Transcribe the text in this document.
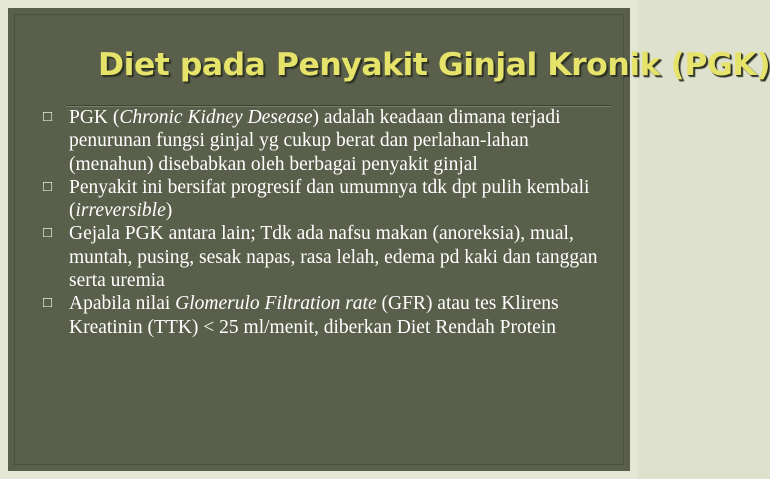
Diet pada Penyakit Ginjal Kronik (PGK)
□ PGK (Chronic Kidney Desease) adalah keadaan dimana terjadi penurunan fungsi ginjal yg cukup berat dan perlahan-lahan (menahun) disebabkan oleh berbagai penyakit ginjal
□ Penyakit ini bersifat progresif dan umumnya tdk dpt pulih kembali (irreversible)
□ Gejala PGK antara lain; Tdk ada nafsu makan (anoreksia), mual, muntah, pusing, sesak napas, rasa lelah, edema pd kaki dan tanggan serta uremia
□ Apabila nilai Glomerulo Filtration rate (GFR) atau tes Klirens Kreatinin (TTK) < 25 ml/menit, diberkan Diet Rendah Protein
